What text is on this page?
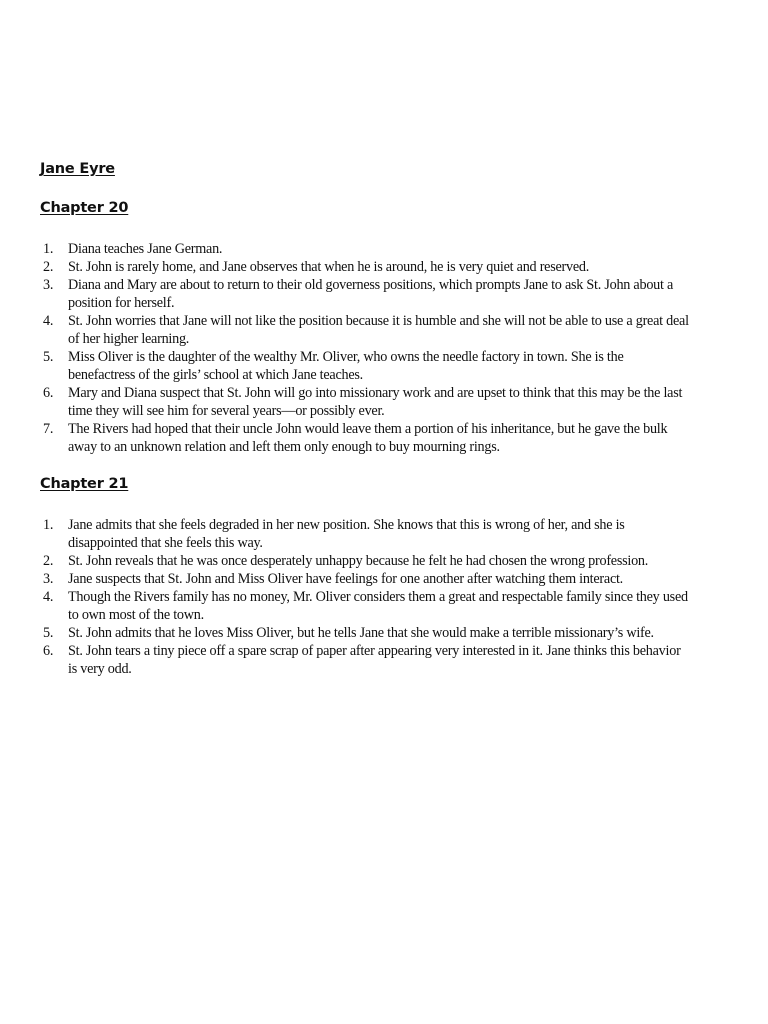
Jane Eyre
Chapter 20
1.	Diana teaches Jane German.
2.	St. John is rarely home, and Jane observes that when he is around, he is very quiet and reserved.
3.	Diana and Mary are about to return to their old governess positions, which prompts Jane to ask St. John about a position for herself.
4.	St. John worries that Jane will not like the position because it is humble and she will not be able to use a great deal of her higher learning.
5.	Miss Oliver is the daughter of the wealthy Mr. Oliver, who owns the needle factory in town. She is the benefactress of the girls’ school at which Jane teaches.
6.	Mary and Diana suspect that St. John will go into missionary work and are upset to think that this may be the last time they will see him for several years—or possibly ever.
7.	The Rivers had hoped that their uncle John would leave them a portion of his inheritance, but he gave the bulk away to an unknown relation and left them only enough to buy mourning rings.
Chapter 21
1.	Jane admits that she feels degraded in her new position. She knows that this is wrong of her, and she is disappointed that she feels this way.
2.	St. John reveals that he was once desperately unhappy because he felt he had chosen the wrong profession.
3.	Jane suspects that St. John and Miss Oliver have feelings for one another after watching them interact.
4.	Though the Rivers family has no money, Mr. Oliver considers them a great and respectable family since they used to own most of the town.
5.	St. John admits that he loves Miss Oliver, but he tells Jane that she would make a terrible missionary’s wife.
6.	St. John tears a tiny piece off a spare scrap of paper after appearing very interested in it. Jane thinks this behavior is very odd.
